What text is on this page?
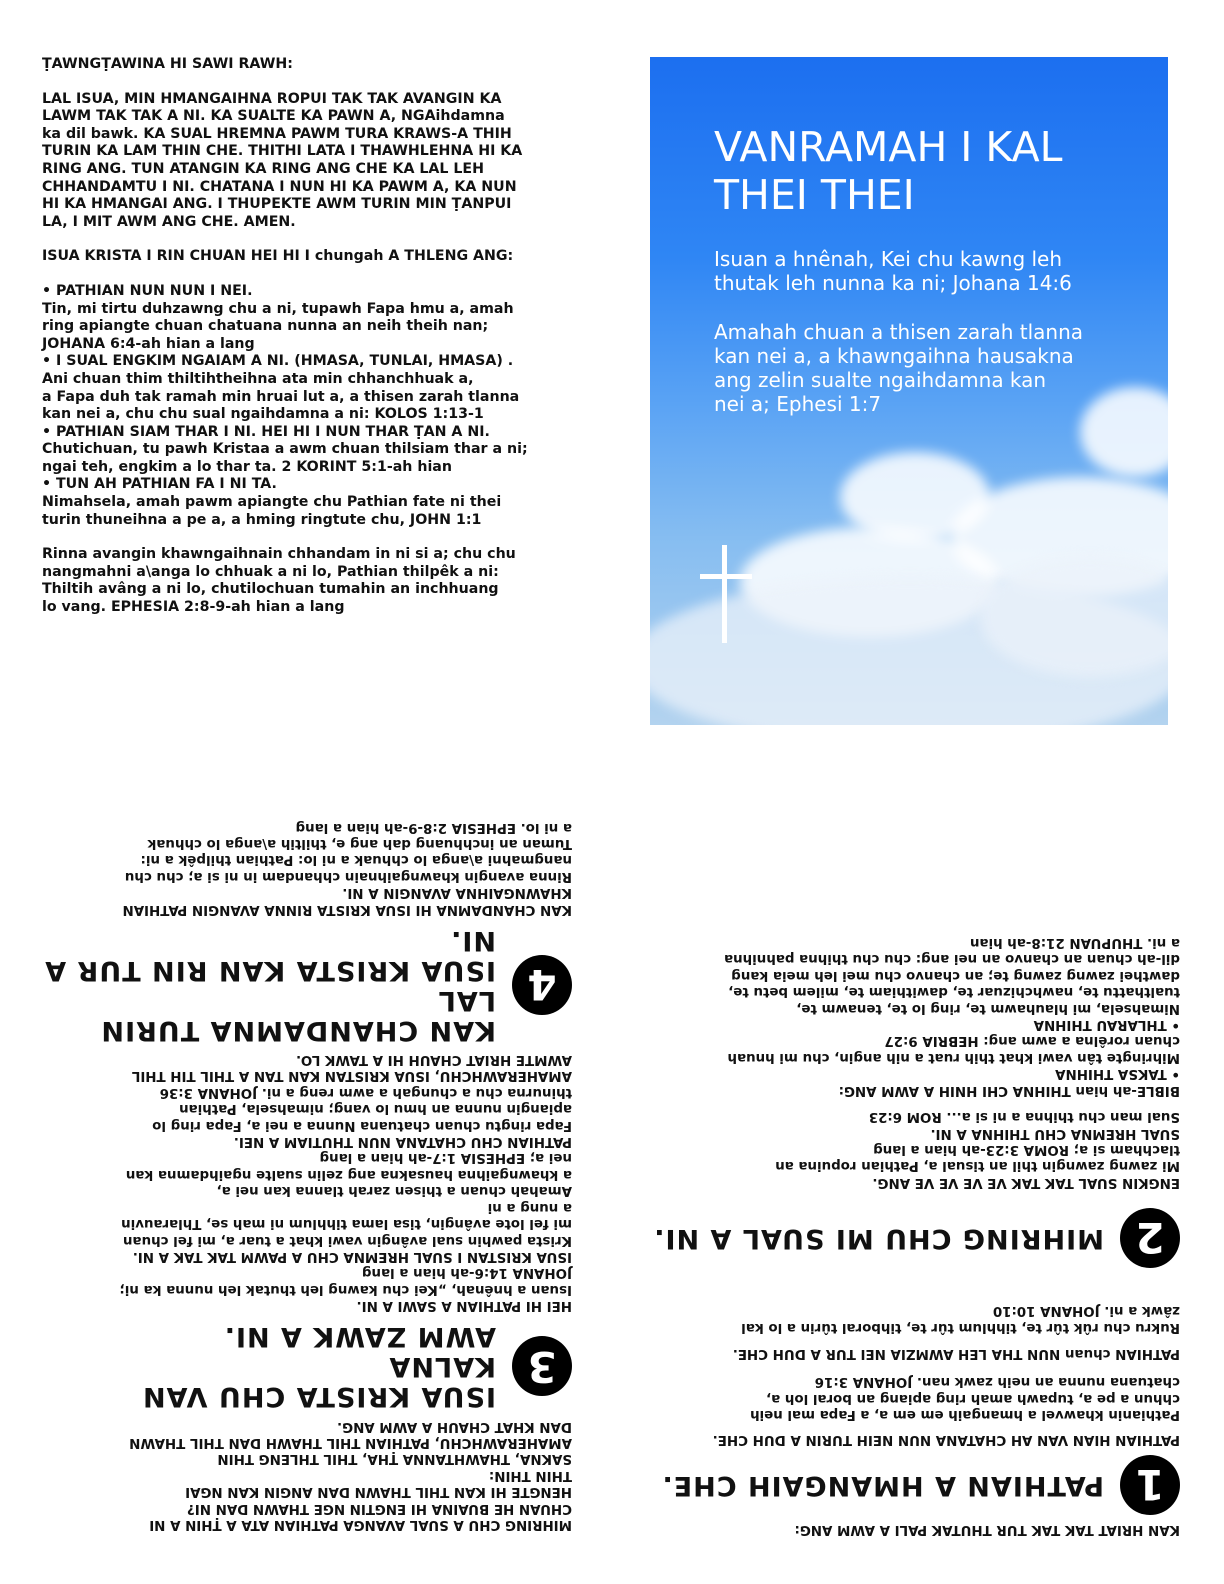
ṬAWNGṬAWINA HI SAWI RAWH:

LAL ISUA, MIN HMANGAIHNA ROPUI TAK TAK AVANGIN KA
LAWM TAK TAK A NI. KA SUALTE KA PAWN A, NGAihdamna
ka dil bawk. KA SUAL HREMNA PAWM TURA KRAWS-A THIH
TURIN KA LAM THIN CHE. THITHI LATA I THAWHLEHNA HI KA
RING ANG. TUN ATANGIN KA RING ANG CHE KA LAL LEH
CHHANDAMTU I NI. CHATANA I NUN HI KA PAWM A, KA NUN
HI KA HMANGAI ANG. I THUPEKTE AWM TURIN MIN ṬANPUI
LA, I MIT AWM ANG CHE. AMEN.

ISUA KRISTA I RIN CHUAN HEI HI I chungah A THLENG ANG:

• PATHIAN NUN NUN I NEI.
Tin, mi tirtu duhzawng chu a ni, tupawh Fapa hmu a, amah
ring apiangte chuan chatuana nunna an neih theih nan;
JOHANA 6:4-ah hian a lang
• I SUAL ENGKIM NGAIAM A NI. (HMASA, TUNLAI, HMASA) .
Ani chuan thim thiltihtheihna ata min chhanchhuak a,
a Fapa duh tak ramah min hruai lut a, a thisen zarah tlanna
kan nei a, chu chu sual ngaihdamna a ni: KOLOS 1:13-1
• PATHIAN SIAM THAR I NI. HEI HI I NUN THAR ṬAN A NI.
Chutichuan, tu pawh Kristaa a awm chuan thilsiam thar a ni;
ngai teh, engkim a lo thar ta. 2 KORINT 5:1-ah hian
• TUN AH PATHIAN FA I NI TA.
Nimahsela, amah pawm apiangte chu Pathian fate ni thei
turin thuneihna a pe a, a hming ringtute chu, JOHN 1:1

Rinna avangin khawngaihnain chhandam in ni si a; chu chu
nangmahni a\anga lo chhuak a ni lo, Pathian thilpêk a ni:
Thiltih avâng a ni lo, chutilochuan tumahin an inchhuang
lo vang. EPHESIA 2:8-9-ah hian a lang

VANRAMAH I KAL THEI THEI
Isuan a hnênah, Kei chu kawng leh
thutak leh nunna ka ni; Johana 14:6
Amahah chuan a thisen zarah tlanna
kan nei a, a khawngaihna hausakna
ang zelin sualte ngaihdamna kan
nei a; Ephesi 1:7

KAN HRIAT TAK TAK TUR THUTAK PALI A AWM ANG:

1
PATHIAN A HMANGAIH CHE.

PATHIAN HIAN VAN AH CHATANA NUN NEIH TURIN A DUH CHE.

Pathianin khawvel a hmangaih em em a, a Fapa mal neih
chhun a pe a, tupawh amah ring apiang an boral loh a,
chatuana nunna an neih zawk nan. JOHANA 3:16

PATHIAN chuan NUN THA LEH AWMZIA NEI TUR A DUH CHE.

Rukru chu rûk tûr te, tihhlum tûr te, tihboral tûrin a lo kal
zâwk a ni. JOHANA 10:10

2
MIHRING CHU MI SUAL A NI.

ENGKIN SUAL TAK TAK VE VE VE VE ANG.

Mi zawng zawngin thil an tisual a, Pathian ropuina an
tlachham si a; ROMA 3:23-ah hian a lang

SUAL HREMNA CHU THIHNA A NI.

Sual man chu thihna a ni si a... ROM 6:23

BIBLE-ah hian THIHNA CHI HNIH A AWM ANG:

• TAKSA THIHNA

Mihringte tân vawi khat thih ruat a nih angin, chu mi hnuah
chuan rorêlna a awm ang: HEBRIA 9:27

• THLARAU THIHNA

Nimahsela, mi hlauhawm te, ring lo te, tenawm te,
tualthattu te, nawhchizuar te, dawithiam te, milem betu te,
dawthei zawng zawng te; an chanvo chu mei leh meia kang
dil-ah chuan an chanvo an nei ang: chu chu thihna pahnihna
a ni. THUPUAN 21:8-ah hian

MIHRING CHU A SUAL AVANGA PATHIAN ATA A ṬHIN A NI
CHUAN HE BUAINA HI ENGTIN NGE THAWN DAN NI?
HENGTE HI KAN THIL THAWN DAN ANGIN KAN NGAI
THIN THIN:

SAKNA, THAWHTANNA ṬHA, THIL THLENG THIN
AMAHERAWHCHU, PATHIAN THIL THAWH DAN THIL THAWN
DAN KHAT CHAUH A AWM ANG.

3
ISUA KRISTA CHU VAN KALNA
AWM ZAWK A NI.

HEI HI PATHIAN A SAWI A NI.

Isuan a hnênah, „Kei chu kawng leh thutak leh nunna ka ni;
JOHANA 14:6-ah hian a lang

ISUA KRISTAN I SUAL HREMNA CHU A PAWM TAK TAK A NI.

Krista pawhin sual avângin vawi khat a tuar a, mi fel chuan
mi fel lote avângin, tisa lama tihhlum ni mah se, Thlarauvin
a nung a ni

Amahah chuan a thisen zarah tlanna kan nei a,
a khawngaihna hausakna ang zelin sualte ngaihdamna kan
nei a; EPHESIA 1:7-ah hian a lang

PATHIAN CHU CHATANA NUN THUTIAM A NEI.

Fapa ringtu chuan chatuana Nunna a nei a, Fapa ring lo
apiangin nunna an hmu lo vang; nimahsela, Pathian
thinurna chu a chungah a awm reng a ni. JOHANA 3:36

AMAHERAWHCHU, ISUA KRISTAN KAN TAN A THIL TIH THIL
AWMTE HRIAT CHAUH HI A TAWK LO.

4
KAN CHANDAMNA TURIN LAL
ISUA KRISTA KAN RIN TUR A NI.

KAN CHANDAMNA HI ISUA KRISTA RINNA AVANGIN PATHIAN
KHAWNGAIHNA AVANGIN A NI.

Rinna avangin khawngaihnain chhandam in ni si a; chu chu
nangmahni a\anga lo chhuak a ni lo: Pathian thilpêk a ni:
Tuman an inchhuang dah ang e, thiltih a\anga lo chhuak
a ni lo. EPHESIA 2:8-9-ah hian a lang
